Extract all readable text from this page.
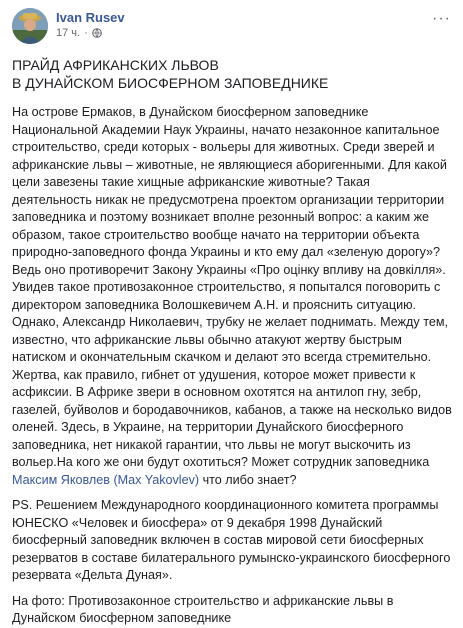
Ivan Rusev
17 ч. ·
···
ПРАЙД АФРИКАНСКИХ ЛЬВОВ
В ДУНАЙСКОМ БИОСФЕРНОМ ЗАПОВЕДНИКЕ

На острове Ермаков, в Дунайском биосферном заповеднике Национальной Академии Наук Украины, начато незаконное капитальное строительство, среди которых - вольеры для животных. Среди зверей и африканские львы – животные, не являющиеся аборигенными. Для какой цели завезены такие хищные африканские животные? Такая деятельность никак не предусмотрена проектом организации территории заповедника и поэтому возникает вполне резонный вопрос: а каким же образом, такое строительство вообще начато на территории объекта природно-заповедного фонда Украины и кто ему дал «зеленую дорогу»? Ведь оно противоречит Закону Украины «Про оцінку впливу на довкілля». Увидев такое противозаконное строительство, я попытался поговорить с директором заповедника Волошкевичем А.Н. и прояснить ситуацию. Однако, Александр Николаевич, трубку не желает поднимать. Между тем, известно, что африканские львы обычно атакуют жертву быстрым натиском и окончательным скачком и делают это всегда стремительно. Жертва, как правило, гибнет от удушения, которое может привести к асфиксии. В Африке звери в основном охотятся на антилоп гну, зебр, газелей, буйволов и бородавочников, кабанов, а также на несколько видов оленей. Здесь, в Украине, на территории Дунайского биосферного заповедника, нет никакой гарантии, что львы не могут выскочить из вольер.На кого же они будут охотиться? Может сотрудник заповедника Максим Яковлев (Max Yakovlev) что либо знает?

PS. Решением Международного координационного комитета программы ЮНЕСКО «Человек и биосфера» от 9 декабря 1998 Дунайский биосферный заповедник включен в состав мировой сети биосферных резерватов в составе билатерального румынско-украинского биосферного резервата «Дельта Дуная».

На фото: Противозаконное строительство и африканские львы в Дунайском биосферном заповеднике
